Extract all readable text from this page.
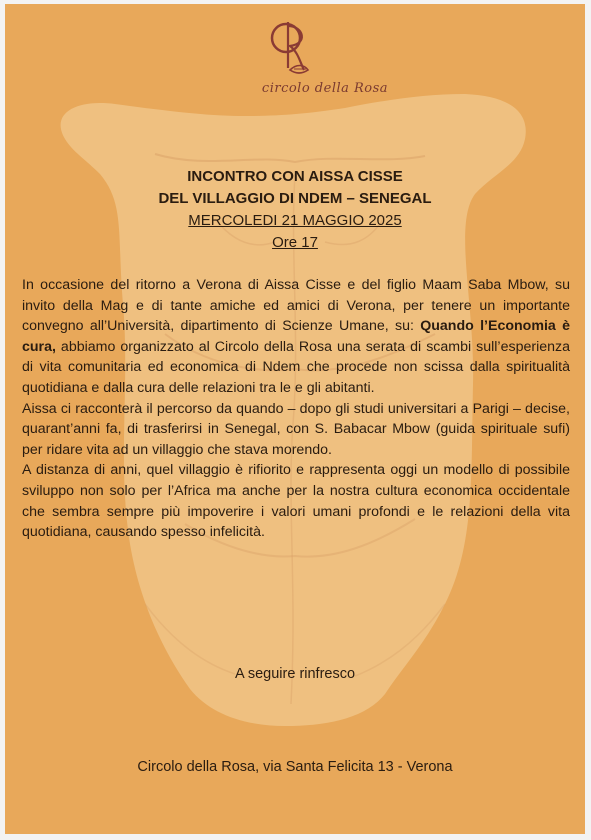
circolo della Rosa
INCONTRO CON AISSA CISSE
DEL VILLAGGIO DI NDEM – SENEGAL
MERCOLEDI 21 MAGGIO 2025
Ore 17

In occasione del ritorno a Verona di Aissa Cisse e del figlio Maam Saba Mbow, su invito della Mag e di tante amiche ed amici di Verona, per tenere un importante convegno all’Università, dipartimento di Scienze Umane, su: Quando l’Economia è cura, abbiamo organizzato al Circolo della Rosa una serata di scambi sull’esperienza di vita comunitaria ed economica di Ndem che procede non scissa dalla spiritualità quotidiana e dalla cura delle relazioni tra le e gli abitanti.

Aissa ci racconterà il percorso da quando – dopo gli studi universitari a Parigi – decise, quarant’anni fa, di trasferirsi in Senegal, con S. Babacar Mbow (guida spirituale sufi) per ridare vita ad un villaggio che stava morendo.

A distanza di anni, quel villaggio è rifiorito e rappresenta oggi un modello di possibile sviluppo non solo per l’Africa ma anche per la nostra cultura economica occidentale che sembra sempre più impoverire i valori umani profondi e le relazioni della vita quotidiana, causando spesso infelicità.

A seguire rinfresco
Circolo della Rosa, via Santa Felicita 13 - Verona
